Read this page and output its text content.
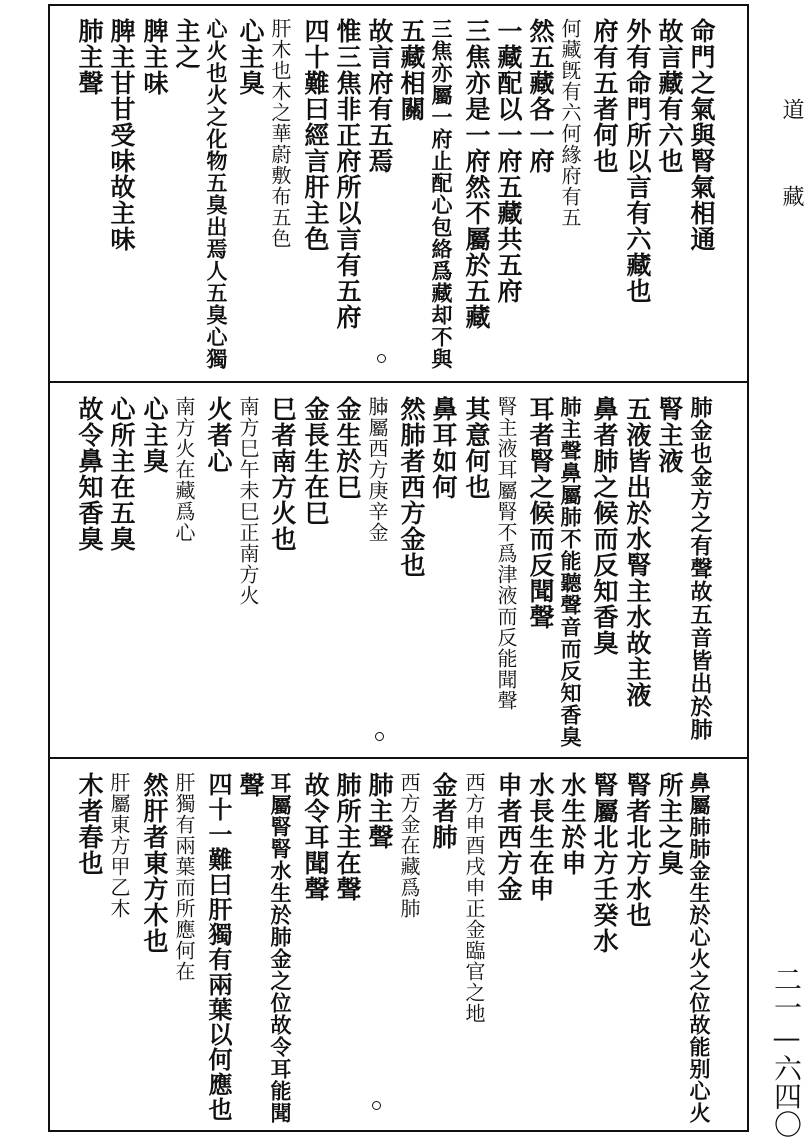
道
藏
二一—六四〇
命門之氣與腎氣相通
故言藏有六也
外有命門所以言有六藏也
府有五者何也
何藏旣有六何緣府有五
然五藏各一府
一藏配以一府五藏共五府
三焦亦是一府然不屬於五藏
三焦亦屬一府止配心包絡爲藏却不與
五藏相關
故言府有五焉
惟三焦非正府所以言有五府
四十難曰經言肝主色
肝木也木之華蔚敷布五色
心主臭
心火也火之化物五臭出焉人五臭心獨
主之
脾主味
脾主甘甘受味故主味
肺主聲
肺金也金方之有聲故五音皆出於肺
腎主液
五液皆出於水腎主水故主液
鼻者肺之候而反知香臭
肺主聲鼻屬肺不能聽聲音而反知香臭
耳者腎之候而反聞聲
腎主液耳屬腎不爲津液而反能聞聲
其意何也
鼻耳如何
然肺者西方金也
肺屬西方庚辛金
金生於巳
金長生在巳
巳者南方火也
南方巳午未巳正南方火
火者心
南方火在藏爲心
心主臭
心所主在五臭
故令鼻知香臭
鼻屬肺肺金生於心火之位故能别心火
所主之臭
腎者北方水也
腎屬北方壬癸水
水生於申
水長生在申
申者西方金
西方申酉戌申正金臨官之地
金者肺
西方金在藏爲肺
肺主聲
肺所主在聲
故令耳聞聲
耳屬腎腎水生於肺金之位故令耳能聞
聲
四十一難曰肝獨有兩葉以何應也
肝獨有兩葉而所應何在
然肝者東方木也
肝屬東方甲乙木
木者春也
